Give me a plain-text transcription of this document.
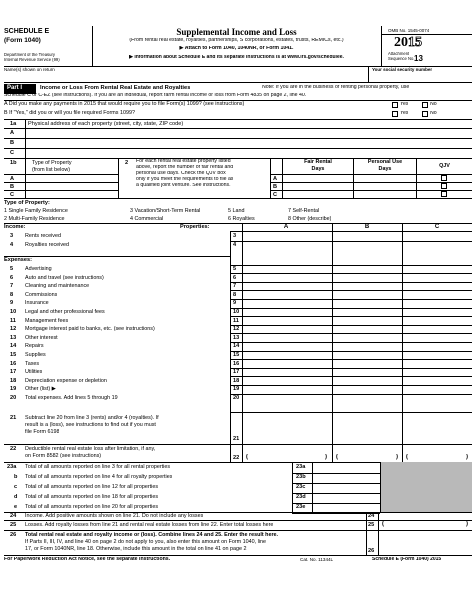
SCHEDULE E
(Form 1040)
Department of the Treasury
Internal Revenue Service (99)
Supplemental Income and Loss
(From rental real estate, royalties, partnerships, S corporations, estates, trusts, REMICs, etc.)
▶ Attach to Form 1040, 1040NR, or Form 1041.
▶ Information about Schedule E and its separate instructions is at www.irs.gov/schedulee.
OMB No. 1545-0074
2015
Attachment
Sequence No. 13
Name(s) shown on return	Your social security number
Part I	Income or Loss From Rental Real Estate and Royalties	Note: If you are in the business of renting personal property, use
Schedule C or C-EZ (see instructions). If you are an individual, report farm rental income or loss from Form 4835 on page 2, line 40.
A Did you make any payments in 2015 that would require you to file Form(s) 1099? (see instructions)	Yes	No
B If "Yes," did you or will you file required Forms 1099?	Yes	No
1a Physical address of each property (street, city, state, ZIP code)
A
B
C
1b	Type of Property
(from list below)
2 For each rental real estate property listed
above, report the number of fair rental and
personal use days. Check the QJV box
only if you meet the requirements to file as
a qualified joint venture. See instructions.
Fair Rental
Days
Personal Use
Days	QJV
A
B
C
A
B
C
Type of Property:
1 Single Family Residence
2 Multi-Family Residence
3 Vacation/Short-Term Rental
4 Commercial
5 Land
6 Royalties
7 Self-Rental
8 Other (describe)
Income:	Properties:	A	B	C
3 Rents received	3
4 Royalties received	4
5 Advertising	5
6 Auto and travel (see instructions)	6
7 Cleaning and maintenance	7
8 Commissions	8
9 Insurance	9
10 Legal and other professional fees	10
11 Management fees	11
12 Mortgage interest paid to banks, etc. (see instructions)	12
13 Other interest	13
14 Repairs	14
15 Supplies	15
16 Taxes	16
17 Utilities	17
18 Depreciation expense or depletion	18
19 Other (list) ▶	19
20 Total expenses. Add lines 5 through 19	20
Expenses:
21 Subtract line 20 from line 3 (rents) and/or 4 (royalties). If
result is a (loss), see instructions to find out if you must
file Form 6198
21
22 Deductible rental real estate loss after limitation, if any,
on Form 8582 (see instructions)	22 (	) (	) (	)
23a Total of all amounts reported on line 3 for all rental properties	23a
b Total of all amounts reported on line 4 for all royalty properties	23b
c Total of all amounts reported on line 12 for all properties	23c
d Total of all amounts reported on line 18 for all properties	23d
e Total of all amounts reported on line 20 for all properties	23e
24 Income. Add positive amounts shown on line 21. Do not include any losses	24
25 Losses. Add royalty losses from line 21 and rental real estate losses from line 22. Enter total losses here	25 (	)
26 Total rental real estate and royalty income or (loss). Combine lines 24 and 25. Enter the result here.
If Parts II, III, IV, and line 40 on page 2 do not apply to you, also enter this amount on Form 1040, line
17, or Form 1040NR, line 18. Otherwise, include this amount in the total on line 41 on page 2	26
For Paperwork Reduction Act Notice, see the separate instructions.	Cat. No. 11344L	Schedule E (Form 1040) 2015
